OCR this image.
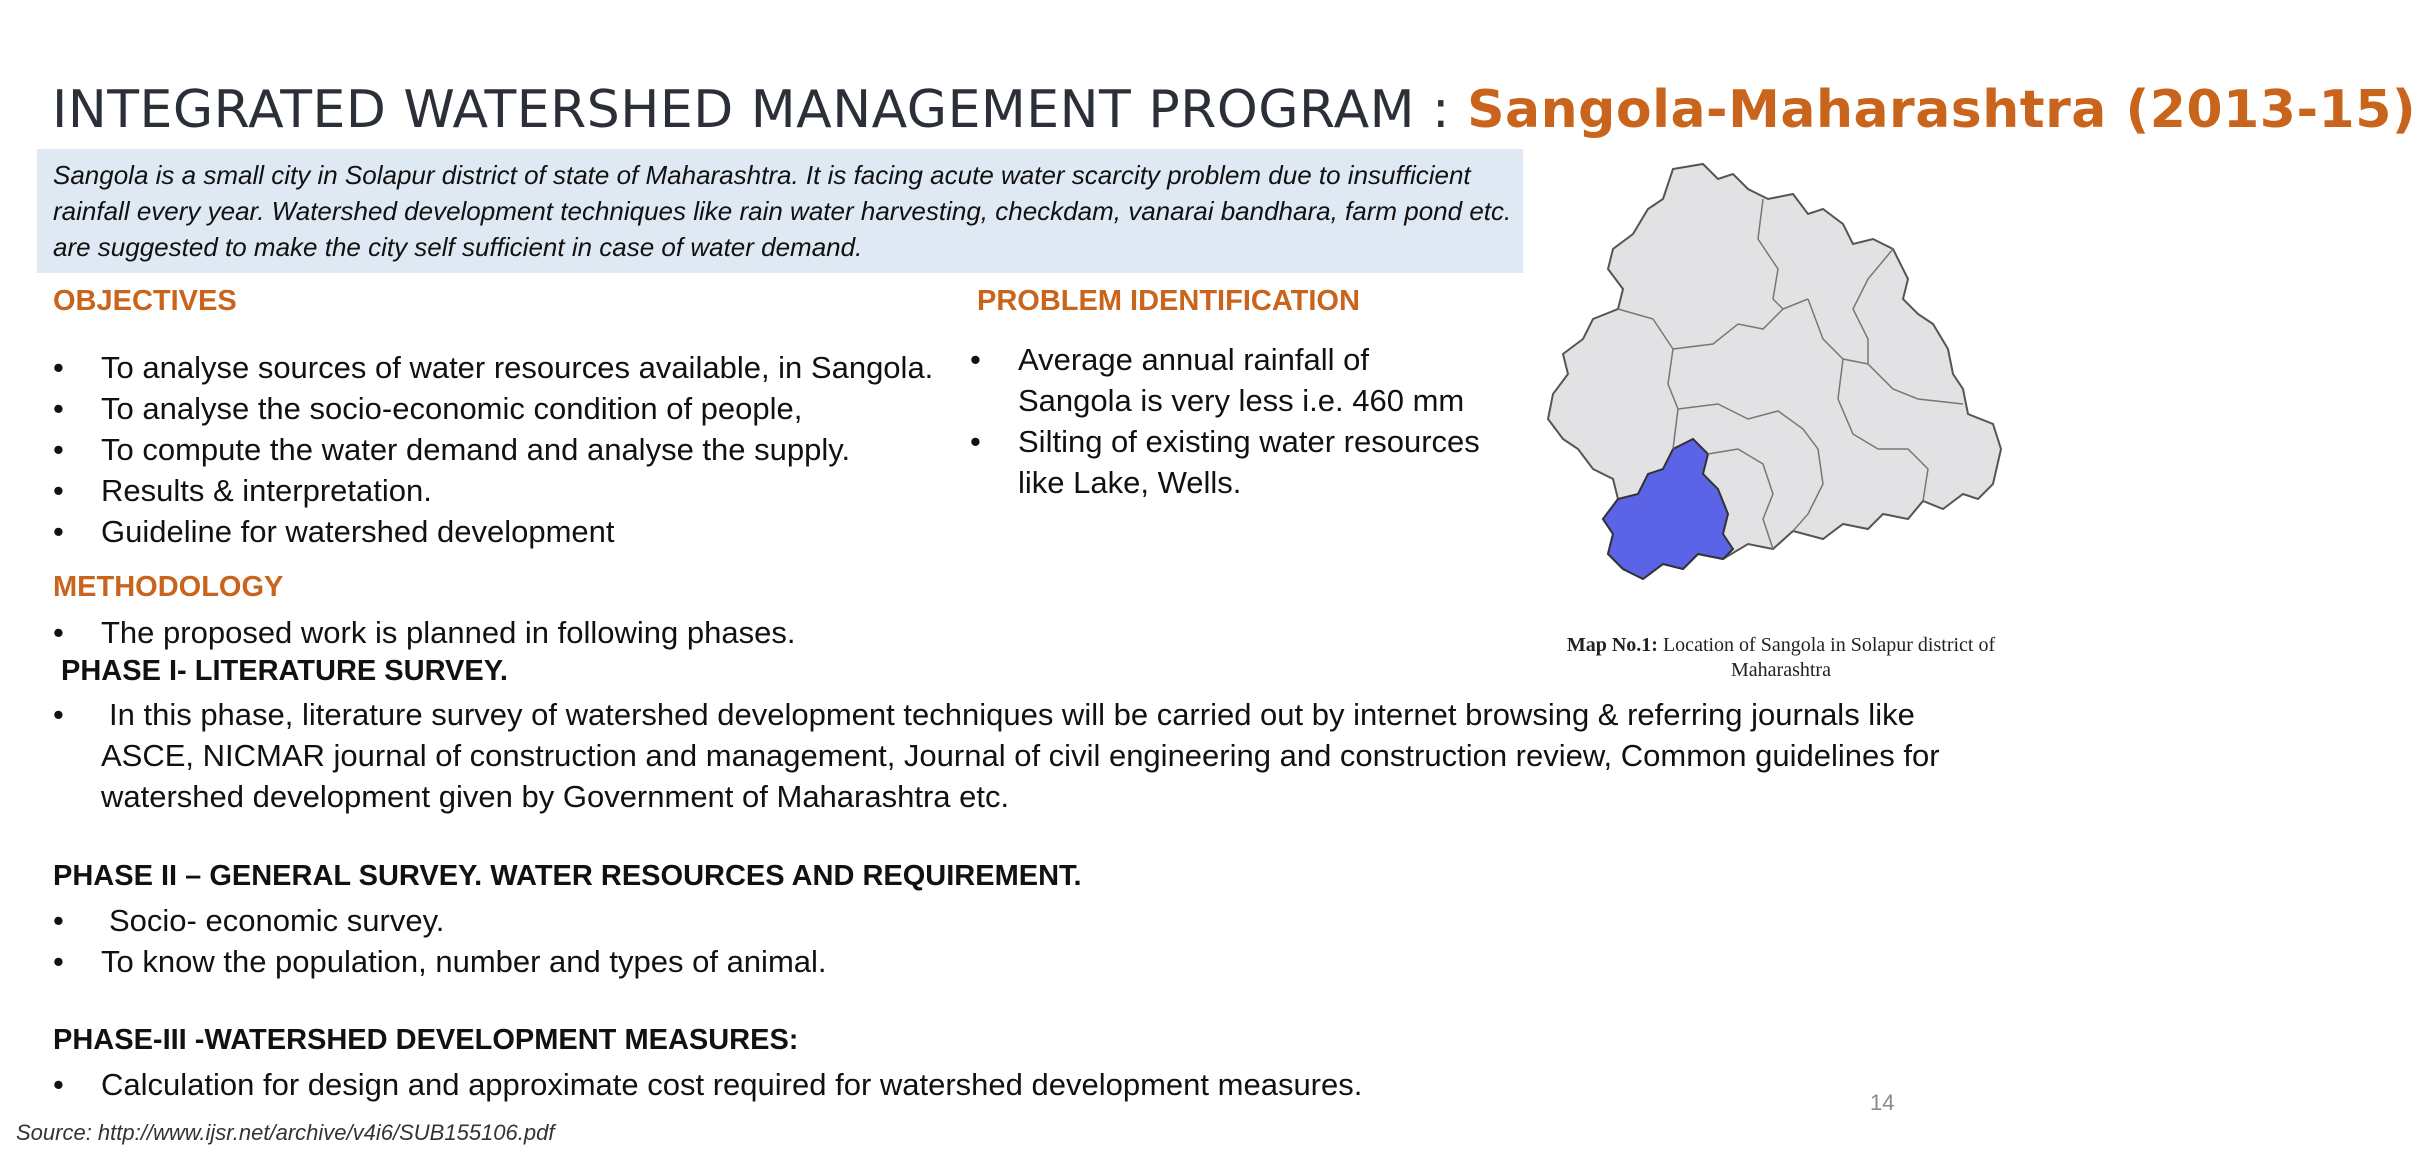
INTEGRATED WATERSHED MANAGEMENT PROGRAM : Sangola-Maharashtra (2013-15)
Sangola is a small city in Solapur district of state of Maharashtra. It is facing acute water scarcity problem due to insufficient rainfall every year. Watershed development techniques like rain water harvesting, checkdam, vanarai bandhara, farm pond etc. are suggested to make the city self sufficient in case of water demand.
OBJECTIVES
• To analyse sources of water resources available, in Sangola.
• To analyse the socio-economic condition of people,
• To compute the water demand and analyse the supply.
• Results & interpretation.
• Guideline for watershed development
PROBLEM IDENTIFICATION
• Average annual rainfall of Sangola is very less i.e. 460 mm
• Silting of existing water resources like Lake, Wells.
METHODOLOGY
• The proposed work is planned in following phases.
PHASE I- LITERATURE SURVEY.
• In this phase, literature survey of watershed development techniques will be carried out by internet browsing & referring journals like ASCE, NICMAR journal of construction and management, Journal of civil engineering and construction review, Common guidelines for watershed development given by Government of Maharashtra etc.
PHASE II – GENERAL SURVEY. WATER RESOURCES AND REQUIREMENT.
• Socio- economic survey.
• To know the population, number and types of animal.
PHASE-III -WATERSHED DEVELOPMENT MEASURES:
• Calculation for design and approximate cost required for watershed development measures.
Map No.1: Location of Sangola in Solapur district of Maharashtra
Source: http://www.ijsr.net/archive/v4i6/SUB155106.pdf
14
